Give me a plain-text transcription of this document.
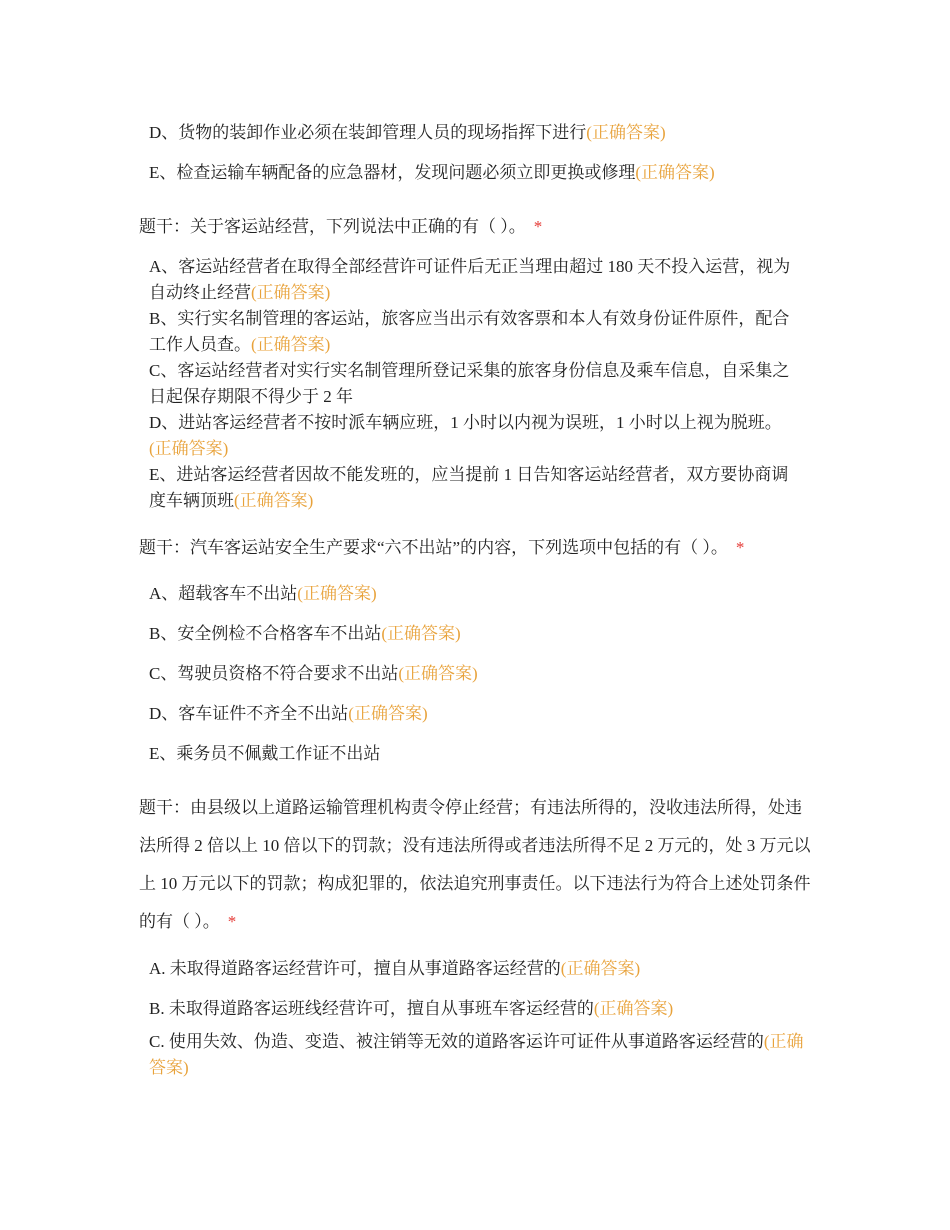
D、货物的装卸作业必须在装卸管理人员的现场指挥下进行(正确答案)
E、检查运输车辆配备的应急器材，发现问题必须立即更换或修理(正确答案)
题干：关于客运站经营，下列说法中正确的有（ ）。 *
A、客运站经营者在取得全部经营许可证件后无正当理由超过 180 天不投入运营，视为自动终止经营(正确答案)
B、实行实名制管理的客运站，旅客应当出示有效客票和本人有效身份证件原件，配合工作人员查。(正确答案)
C、客运站经营者对实行实名制管理所登记采集的旅客身份信息及乘车信息，自采集之日起保存期限不得少于 2 年
D、进站客运经营者不按时派车辆应班，1 小时以内视为误班，1 小时以上视为脱班。(正确答案)
E、进站客运经营者因故不能发班的，应当提前 1 日告知客运站经营者，双方要协商调度车辆顶班(正确答案)
题干：汽车客运站安全生产要求“六不出站”的内容，下列选项中包括的有（ ）。 *
A、超载客车不出站(正确答案)
B、安全例检不合格客车不出站(正确答案)
C、驾驶员资格不符合要求不出站(正确答案)
D、客车证件不齐全不出站(正确答案)
E、乘务员不佩戴工作证不出站
题干：由县级以上道路运输管理机构责令停止经营；有违法所得的，没收违法所得，处违法所得 2 倍以上 10 倍以下的罚款；没有违法所得或者违法所得不足 2 万元的，处 3 万元以上 10 万元以下的罚款；构成犯罪的，依法追究刑事责任。以下违法行为符合上述处罚条件的有（ ）。 *
A. 未取得道路客运经营许可，擅自从事道路客运经营的(正确答案)
B. 未取得道路客运班线经营许可，擅自从事班车客运经营的(正确答案)
C. 使用失效、伪造、变造、被注销等无效的道路客运许可证件从事道路客运经营的(正确答案)
